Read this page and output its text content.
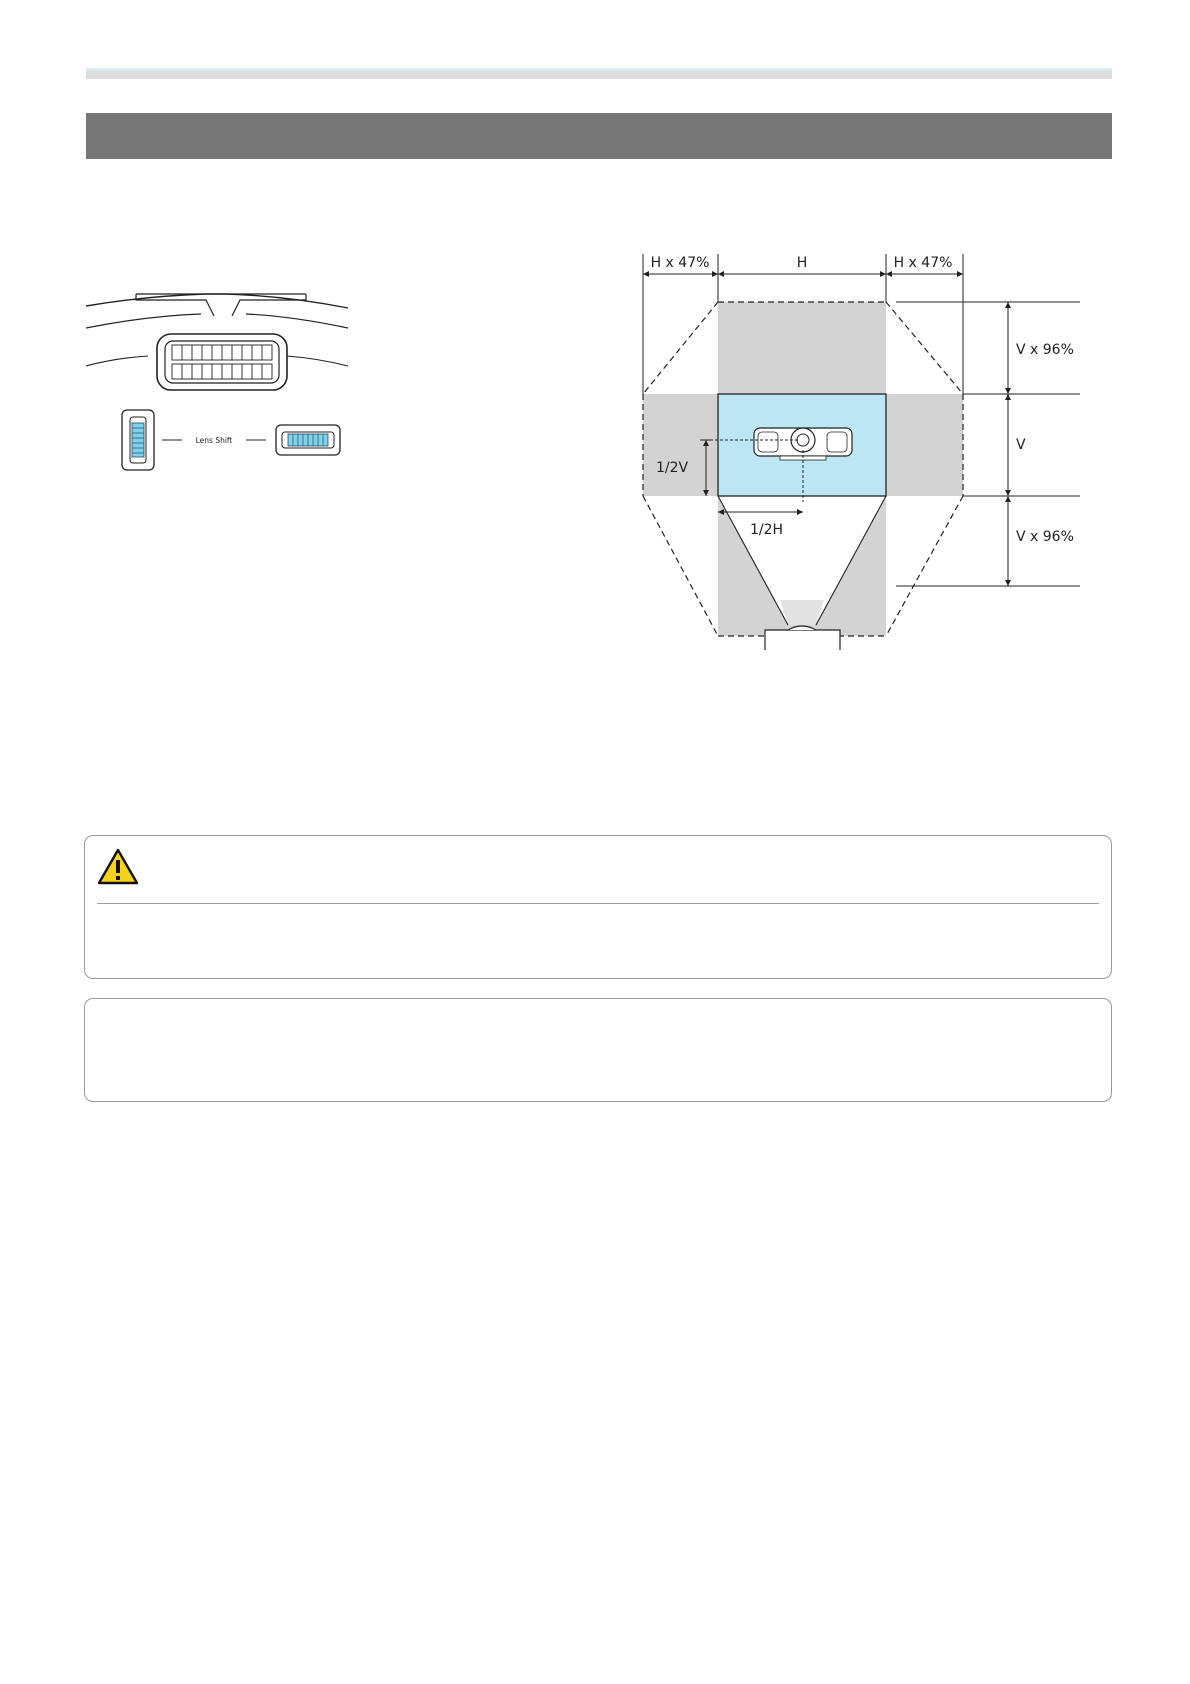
Lens Shift
H x 47%	H	H x 47%
V x 96%
V
V x 96%
1/2V
1/2H
